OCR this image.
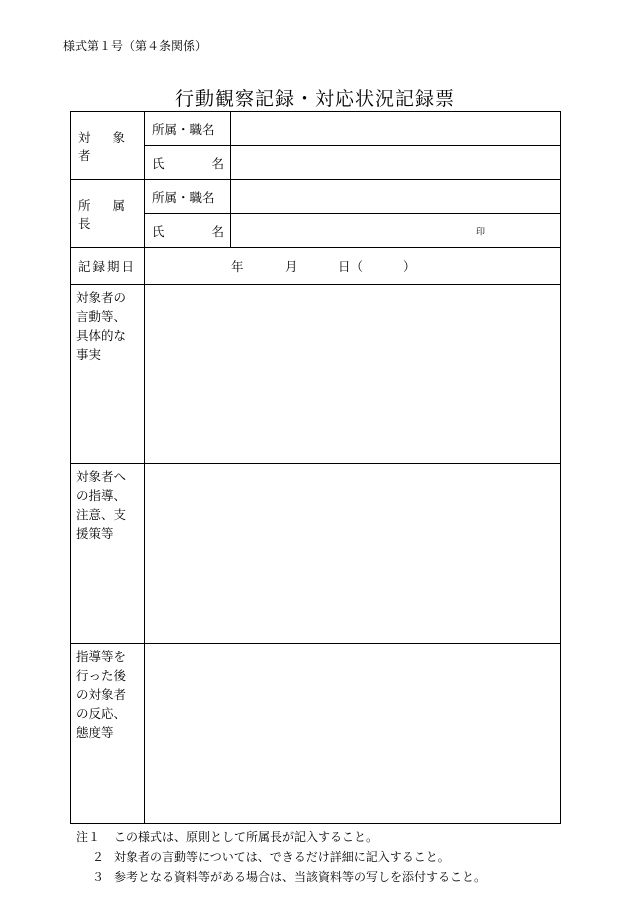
様式第１号（第４条関係）
行動観察記録・対応状況記録票
対 象 者	所属・職名	

	氏 名	

所 属 長	所属・職名	

	氏 名	印

記録期日	年 月 日（ ）	

対象者の
言動等、
具体的な
事実		

対象者へ
の指導、
注意、支
援策等		

指導等を
行った後
の対象者
の反応、
態度等		

注１	この様式は、原則として所属長が記入すること。
２ 対象者の言動等については、できるだけ詳細に記入すること。
３ 参考となる資料等がある場合は、当該資料等の写しを添付すること。
